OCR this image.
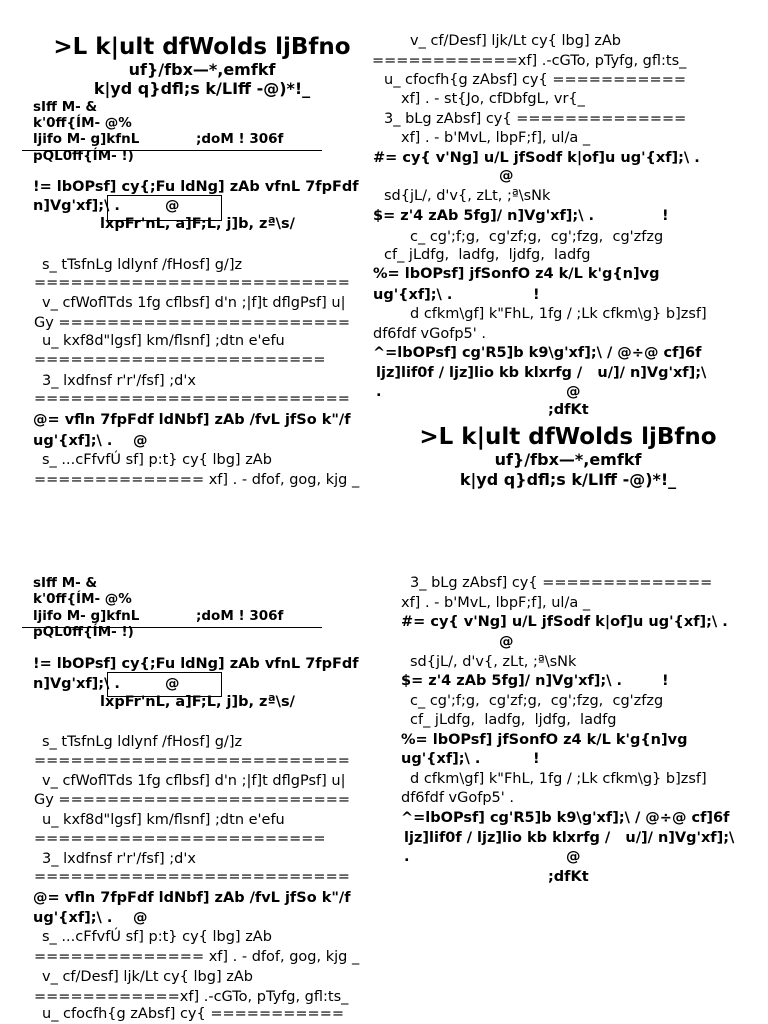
>L k|ult dfWolds ljBfno
uf}/fbx—*,emfkf
k|yd q}dfl;s k/LIff -@)*!_
sIff M- &
k'0ff{ÍM- @%
ljifo M- g]kfnL	;doM ! 306f
pQL0ff{ÍM- !)
!= lbOPsf] cy{;Fu ldNg] zAb vfnL 7fpFdf
n]Vg'xf];\ .	@
lxpFr'nL, a]F;L, j]b, zª\s/
s_ tTsfnLg ldlynf /fHosf] g/]z
==========================
v_ cfWoflTds 1fg cflbsf] d'n ;|f]t dflgPsf] u|
Gy ========================
u_ kxf8d"lgsf] km/flsnf] ;dtn e'efu
========================
3_ lxdfnsf r'r'/fsf] ;d'x
==========================
@= vfln 7fpFdf ldNbf] zAb /fvL jfSo k"/f
ug'{xf];\ . @
s_ ...cFfvfÚ sf] p:t} cy{ lbg] zAb
============== xf] . - dfof, gog, kjg _
v_ cf/Desf] ljk/Lt cy{ lbg] zAb
============xf] .-cGTo, pTyfg, gfl:ts_
u_ cfocfh{g zAbsf] cy{ ===========
xf] . - st{Jo, cfDbfgL, vr{_
3_ bLg zAbsf] cy{ ==============
xf] . - b'MvL, lbpF;f], ul/a _
#= cy{ v'Ng] u/L jfSodf k|of]u ug'{xf];\ .
@
sd{jL/, d'v{, zLt, ;ª\sNk
$= z'4 zAb 5fg]/ n]Vg'xf];\ .	!
c_ cg';f;g,  cg'zf;g,  cg';fzg,  cg'zfzg
cf_ jLdfg,  ladfg,  ljdfg,  ladfg
%= lbOPsf] jfSonfO z4 k/L k'g{n]vg
ug'{xf];\ .	!
d cfkm\gf] k"FhL, 1fg / ;Lk cfkm\g} b]zsf]
df6fdf vGofp5' .
^=lbOPsf] cg'R5]b k9\g'xf];\ / @÷@ cf]6f
ljz]lif0f / ljz]lio kb klxrfg /   u/]/ n]Vg'xf];\
.	@
;dfKt
>L k|ult dfWolds ljBfno
uf}/fbx—*,emfkf
k|yd q}dfl;s k/LIff -@)*!_
sIff M- &
k'0ff{ÍM- @%
ljifo M- g]kfnL	;doM ! 306f
pQL0ff{ÍM- !)
!= lbOPsf] cy{;Fu ldNg] zAb vfnL 7fpFdf
n]Vg'xf];\ .	@
lxpFr'nL, a]F;L, j]b, zª\s/
s_ tTsfnLg ldlynf /fHosf] g/]z
==========================
v_ cfWoflTds 1fg cflbsf] d'n ;|f]t dflgPsf] u|
Gy ========================
u_ kxf8d"lgsf] km/flsnf] ;dtn e'efu
========================
3_ lxdfnsf r'r'/fsf] ;d'x
==========================
@= vfln 7fpFdf ldNbf] zAb /fvL jfSo k"/f
ug'{xf];\ . @
s_ ...cFfvfÚ sf] p:t} cy{ lbg] zAb
============== xf] . - dfof, gog, kjg _
v_ cf/Desf] ljk/Lt cy{ lbg] zAb
============xf] .-cGTo, pTyfg, gfl:ts_
u_ cfocfh{g zAbsf] cy{ ===========
3_ bLg zAbsf] cy{ ==============
xf] . - b'MvL, lbpF;f], ul/a _
#= cy{ v'Ng] u/L jfSodf k|of]u ug'{xf];\ .
@
sd{jL/, d'v{, zLt, ;ª\sNk
$= z'4 zAb 5fg]/ n]Vg'xf];\ .	!
c_ cg';f;g,  cg'zf;g,  cg';fzg,  cg'zfzg
cf_ jLdfg,  ladfg,  ljdfg,  ladfg
%= lbOPsf] jfSonfO z4 k/L k'g{n]vg
ug'{xf];\ .	!
d cfkm\gf] k"FhL, 1fg / ;Lk cfkm\g} b]zsf]
df6fdf vGofp5' .
^=lbOPsf] cg'R5]b k9\g'xf];\ / @÷@ cf]6f
ljz]lif0f / ljz]lio kb klxrfg /   u/]/ n]Vg'xf];\
.	@
;dfKt
